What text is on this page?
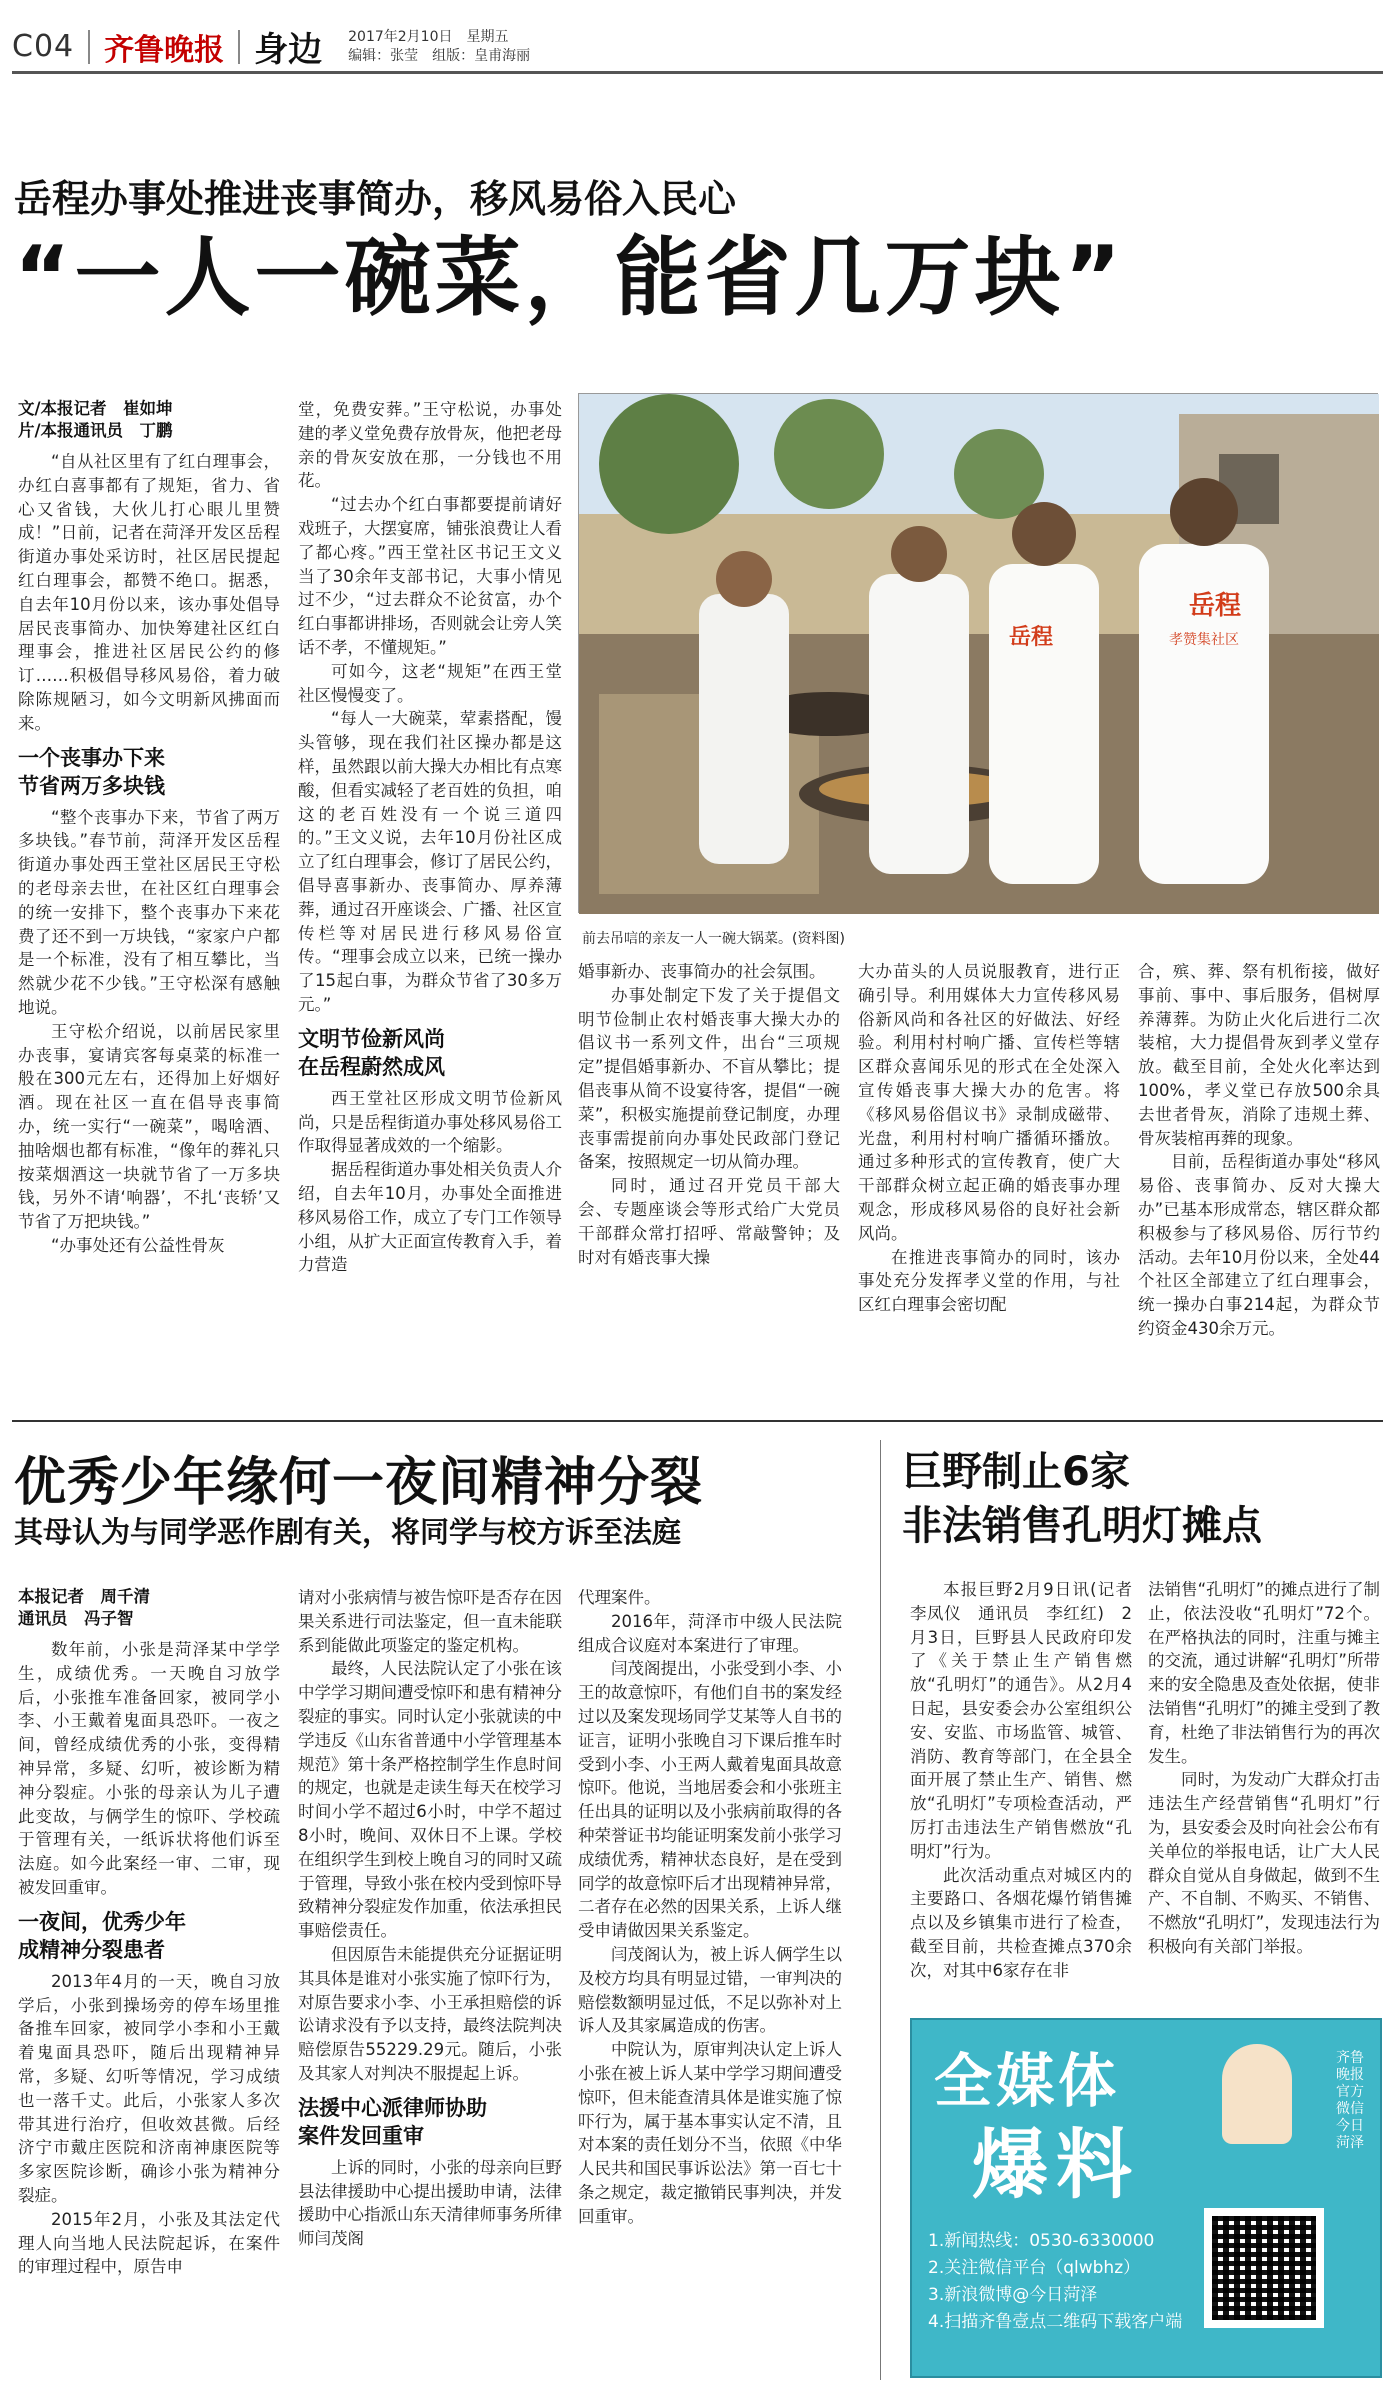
C04 齐鲁晚报 身边 2017年2月10日　星期五
编辑：张莹　组版：皇甫海丽
岳程办事处推进丧事简办，移风易俗入民心
“一人一碗菜，能省几万块”
文/本报记者　崔如坤
片/本报通讯员　丁鹏

“自从社区里有了红白理事会，办红白喜事都有了规矩，省力、省心又省钱，大伙儿打心眼儿里赞成！”日前，记者在菏泽开发区岳程街道办事处采访时，社区居民提起红白理事会，都赞不绝口。据悉，自去年10月份以来，该办事处倡导居民丧事简办、加快筹建社区红白理事会，推进社区居民公约的修订……积极倡导移风易俗，着力破除陈规陋习，如今文明新风拂面而来。

一个丧事办下来
节省两万多块钱

“整个丧事办下来，节省了两万多块钱。”春节前，菏泽开发区岳程街道办事处西王堂社区居民王守松的老母亲去世，在社区红白理事会的统一安排下，整个丧事办下来花费了还不到一万块钱，“家家户户都是一个标准，没有了相互攀比，当然就少花不少钱。”王守松深有感触地说。

王守松介绍说，以前居民家里办丧事，宴请宾客每桌菜的标准一般在300元左右，还得加上好烟好酒。现在社区一直在倡导丧事简办，统一实行“一碗菜”，喝啥酒、抽啥烟也都有标准，“像年的葬礼只按菜烟酒这一块就节省了一万多块钱，另外不请‘响器’，不扎‘丧轿’又节省了万把块钱。”

“办事处还有公益性骨灰

堂，免费安葬。”王守松说，办事处建的孝义堂免费存放骨灰，他把老母亲的骨灰安放在那，一分钱也不用花。

“过去办个红白事都要提前请好戏班子，大摆宴席，铺张浪费让人看了都心疼。”西王堂社区书记王文义当了30余年支部书记，大事小情见过不少，“过去群众不论贫富，办个红白事都讲排场，否则就会让旁人笑话不孝，不懂规矩。”

可如今，这老“规矩”在西王堂社区慢慢变了。

“每人一大碗菜，荤素搭配，馒头管够，现在我们社区操办都是这样，虽然跟以前大操大办相比有点寒酸，但看实减轻了老百姓的负担，咱这的老百姓没有一个说三道四的。”王文义说，去年10月份社区成立了红白理事会，修订了居民公约，倡导喜事新办、丧事简办、厚养薄葬，通过召开座谈会、广播、社区宣传栏等对居民进行移风易俗宣传。“理事会成立以来，已统一操办了15起白事，为群众节省了30多万元。”

文明节俭新风尚
在岳程蔚然成风

西王堂社区形成文明节俭新风尚，只是岳程街道办事处移风易俗工作取得显著成效的一个缩影。

据岳程街道办事处相关负责人介绍，自去年10月，办事处全面推进移风易俗工作，成立了专门工作领导小组，从扩大正面宣传教育入手，着力营造

岳程
孝赞集社区
岳程
前去吊唁的亲友一人一碗大锅菜。(资料图)

婚事新办、丧事简办的社会氛围。

办事处制定下发了关于提倡文明节俭制止农村婚丧事大操大办的倡议书一系列文件，出台“三项规定”提倡婚事新办、不盲从攀比；提倡丧事从简不设宴待客，提倡“一碗菜”，积极实施提前登记制度，办理丧事需提前向办事处民政部门登记备案，按照规定一切从简办理。

同时，通过召开党员干部大会、专题座谈会等形式给广大党员干部群众常打招呼、常敲警钟；及时对有婚丧事大操

大办苗头的人员说服教育，进行正确引导。利用媒体大力宣传移风易俗新风尚和各社区的好做法、好经验。利用村村响广播、宣传栏等辖区群众喜闻乐见的形式在全处深入宣传婚丧事大操大办的危害。将《移风易俗倡议书》录制成磁带、光盘，利用村村响广播循环播放。通过多种形式的宣传教育，使广大干部群众树立起正确的婚丧事办理观念，形成移风易俗的良好社会新风尚。

在推进丧事简办的同时，该办事处充分发挥孝义堂的作用，与社区红白理事会密切配

合，殡、葬、祭有机衔接，做好事前、事中、事后服务，倡树厚养薄葬。为防止火化后进行二次装棺，大力提倡骨灰到孝义堂存放。截至目前，全处火化率达到100%，孝义堂已存放500余具去世者骨灰，消除了违规土葬、骨灰装棺再葬的现象。

目前，岳程街道办事处“移风易俗、丧事简办、反对大操大办”已基本形成常态，辖区群众都积极参与了移风易俗、厉行节约活动。去年10月份以来，全处44个社区全部建立了红白理事会，统一操办白事214起，为群众节约资金430余万元。

优秀少年缘何一夜间精神分裂
其母认为与同学恶作剧有关，将同学与校方诉至法庭
本报记者　周千清
通讯员　冯子智

数年前，小张是菏泽某中学学生，成绩优秀。一天晚自习放学后，小张推车准备回家，被同学小李、小王戴着鬼面具恐吓。一夜之间，曾经成绩优秀的小张，变得精神异常，多疑、幻听，被诊断为精神分裂症。小张的母亲认为儿子遭此变故，与俩学生的惊吓、学校疏于管理有关，一纸诉状将他们诉至法庭。如今此案经一审、二审，现被发回重审。

一夜间，优秀少年
成精神分裂患者

2013年4月的一天，晚自习放学后，小张到操场旁的停车场里推备推车回家，被同学小李和小王戴着鬼面具恐吓，随后出现精神异常，多疑、幻听等情况，学习成绩也一落千丈。此后，小张家人多次带其进行治疗，但收效甚微。后经济宁市戴庄医院和济南神康医院等多家医院诊断，确诊小张为精神分裂症。

2015年2月，小张及其法定代理人向当地人民法院起诉，在案件的审理过程中，原告申

请对小张病情与被告惊吓是否存在因果关系进行司法鉴定，但一直未能联系到能做此项鉴定的鉴定机构。

最终，人民法院认定了小张在该中学学习期间遭受惊吓和患有精神分裂症的事实。同时认定小张就读的中学违反《山东省普通中小学管理基本规范》第十条严格控制学生作息时间的规定，也就是走读生每天在校学习时间小学不超过6小时，中学不超过8小时，晚间、双休日不上课。学校在组织学生到校上晚自习的同时又疏于管理，导致小张在校内受到惊吓导致精神分裂症发作加重，依法承担民事赔偿责任。

但因原告未能提供充分证据证明其具体是谁对小张实施了惊吓行为，对原告要求小李、小王承担赔偿的诉讼请求没有予以支持，最终法院判决赔偿原告55229.29元。随后，小张及其家人对判决不服提起上诉。

法援中心派律师协助
案件发回重审

上诉的同时，小张的母亲向巨野县法律援助中心提出援助申请，法律援助中心指派山东天清律师事务所律师闫茂阁

代理案件。

2016年，菏泽市中级人民法院组成合议庭对本案进行了审理。

闫茂阁提出，小张受到小李、小王的故意惊吓，有他们自书的案发经过以及案发现场同学艾某等人自书的证言，证明小张晚自习下课后推车时受到小李、小王两人戴着鬼面具故意惊吓。他说，当地居委会和小张班主任出具的证明以及小张病前取得的各种荣誉证书均能证明案发前小张学习成绩优秀，精神状态良好，是在受到同学的故意惊吓后才出现精神异常，二者存在必然的因果关系，上诉人继受申请做因果关系鉴定。

闫茂阁认为，被上诉人俩学生以及校方均具有明显过错，一审判决的赔偿数额明显过低，不足以弥补对上诉人及其家属造成的伤害。

中院认为，原审判决认定上诉人小张在被上诉人某中学学习期间遭受惊吓，但未能查清具体是谁实施了惊吓行为，属于基本事实认定不清，且对本案的责任划分不当，依照《中华人民共和国民事诉讼法》第一百七十条之规定，裁定撤销民事判决，并发回重审。

巨野制止6家
非法销售孔明灯摊点

本报巨野2月9日讯(记者　李凤仪　通讯员　李红红)　2月3日，巨野县人民政府印发了《关于禁止生产销售燃放“孔明灯”的通告》。从2月4日起，县安委会办公室组织公安、安监、市场监管、城管、消防、教育等部门，在全县全面开展了禁止生产、销售、燃放“孔明灯”专项检查活动，严厉打击违法生产销售燃放“孔明灯”行为。

此次活动重点对城区内的主要路口、各烟花爆竹销售摊点以及乡镇集市进行了检查，截至目前，共检查摊点370余次，对其中6家存在非

法销售“孔明灯”的摊点进行了制止，依法没收“孔明灯”72个。在严格执法的同时，注重与摊主的交流，通过讲解“孔明灯”所带来的安全隐患及查处依据，使非法销售“孔明灯”的摊主受到了教育，杜绝了非法销售行为的再次发生。

同时，为发动广大群众打击违法生产经营销售“孔明灯”行为，县安委会及时向社会公布有关单位的举报电话，让广大人民群众自觉从自身做起，做到不生产、不自制、不购买、不销售、不燃放“孔明灯”，发现违法行为积极向有关部门举报。

全媒体
爆料
1.新闻热线：0530-6330000
2.关注微信平台（qlwbhz）
3.新浪微博@今日菏泽
4.扫描齐鲁壹点二维码下载客户端
齐鲁晚报 官方微信 今日菏泽
